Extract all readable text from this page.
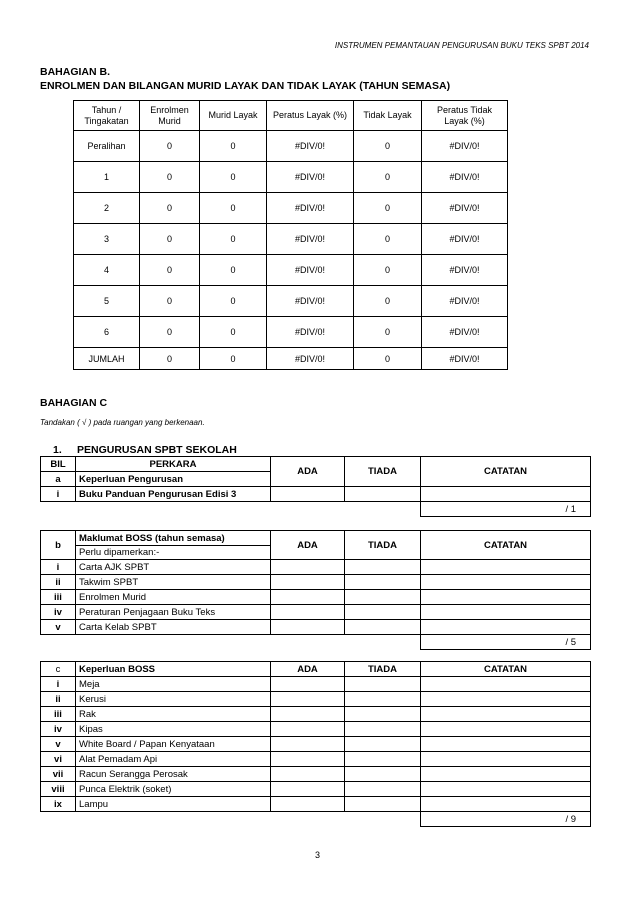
INSTRUMEN PEMANTAUAN PENGURUSAN BUKU TEKS SPBT 2014
BAHAGIAN B.
ENROLMEN DAN BILANGAN MURID LAYAK DAN TIDAK LAYAK (TAHUN SEMASA)
Tahun / Tingakatan	Enrolmen Murid	Murid Layak	Peratus Layak (%)	Tidak Layak	Peratus Tidak Layak (%)
Peralihan	0	0	#DIV/0!	0	#DIV/0!
1	0	0	#DIV/0!	0	#DIV/0!
2	0	0	#DIV/0!	0	#DIV/0!
3	0	0	#DIV/0!	0	#DIV/0!
4	0	0	#DIV/0!	0	#DIV/0!
5	0	0	#DIV/0!	0	#DIV/0!
6	0	0	#DIV/0!	0	#DIV/0!
JUMLAH	0	0	#DIV/0!	0	#DIV/0!
BAHAGIAN C
Tandakan ( √ ) pada ruangan yang berkenaan.
1. PENGURUSAN SPBT SEKOLAH
BIL	PERKARA	ADA	TIADA	CATATAN
a	Keperluan Pengurusan			
i	Buku Panduan Pengurusan Edisi 3			
				/ 1
b	Maklumat BOSS (tahun semasa)	ADA	TIADA	CATATAN
	Perlu dipamerkan:-			
i	Carta AJK SPBT			
ii	Takwim SPBT			
iii	Enrolmen Murid			
iv	Peraturan Penjagaan Buku Teks			
v	Carta Kelab SPBT			
				/ 5
c	Keperluan BOSS	ADA	TIADA	CATATAN
i	Meja			
ii	Kerusi			
iii	Rak			
iv	Kipas			
v	White Board / Papan Kenyataan			
vi	Alat Pemadam Api			
vii	Racun Serangga Perosak			
viii	Punca Elektrik (soket)			
ix	Lampu			
				/ 9
3
